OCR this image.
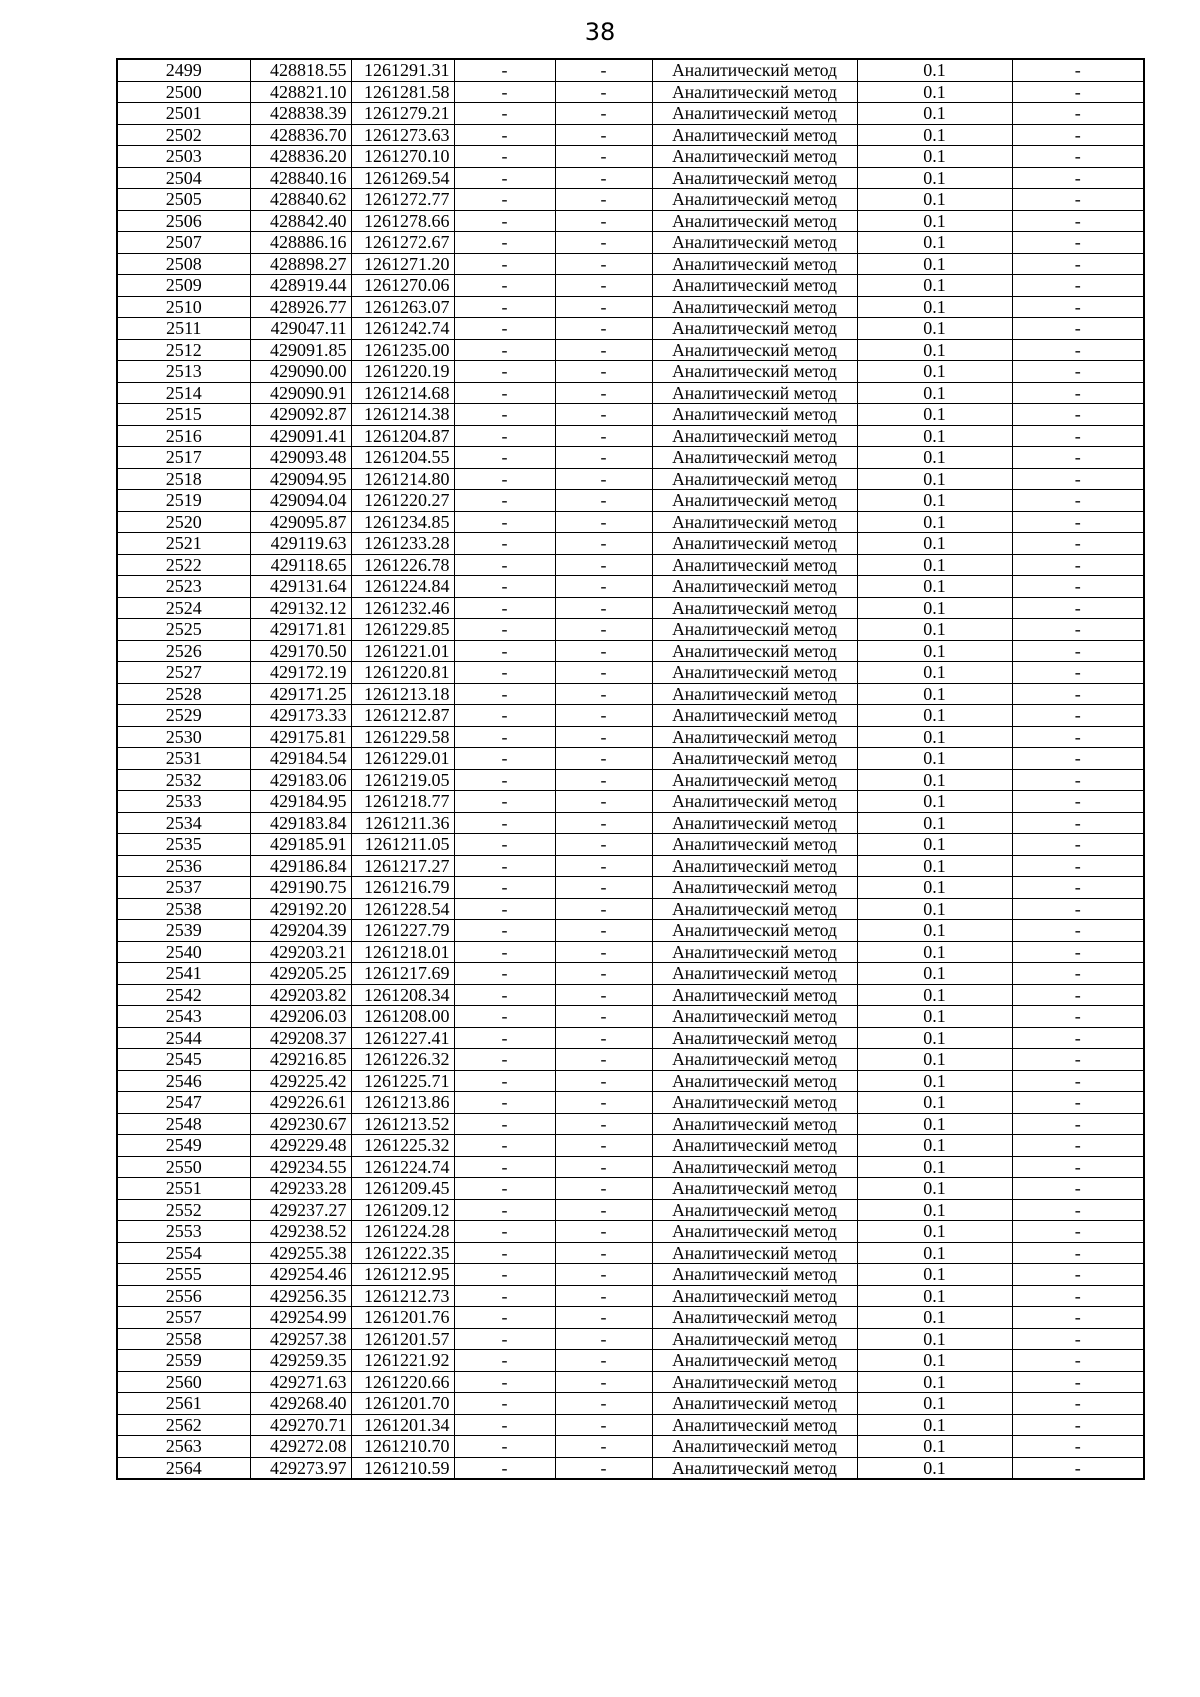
38
2499	428818.55	1261291.31	-	-	Аналитический метод	0.1	-
2500	428821.10	1261281.58	-	-	Аналитический метод	0.1	-
2501	428838.39	1261279.21	-	-	Аналитический метод	0.1	-
2502	428836.70	1261273.63	-	-	Аналитический метод	0.1	-
2503	428836.20	1261270.10	-	-	Аналитический метод	0.1	-
2504	428840.16	1261269.54	-	-	Аналитический метод	0.1	-
2505	428840.62	1261272.77	-	-	Аналитический метод	0.1	-
2506	428842.40	1261278.66	-	-	Аналитический метод	0.1	-
2507	428886.16	1261272.67	-	-	Аналитический метод	0.1	-
2508	428898.27	1261271.20	-	-	Аналитический метод	0.1	-
2509	428919.44	1261270.06	-	-	Аналитический метод	0.1	-
2510	428926.77	1261263.07	-	-	Аналитический метод	0.1	-
2511	429047.11	1261242.74	-	-	Аналитический метод	0.1	-
2512	429091.85	1261235.00	-	-	Аналитический метод	0.1	-
2513	429090.00	1261220.19	-	-	Аналитический метод	0.1	-
2514	429090.91	1261214.68	-	-	Аналитический метод	0.1	-
2515	429092.87	1261214.38	-	-	Аналитический метод	0.1	-
2516	429091.41	1261204.87	-	-	Аналитический метод	0.1	-
2517	429093.48	1261204.55	-	-	Аналитический метод	0.1	-
2518	429094.95	1261214.80	-	-	Аналитический метод	0.1	-
2519	429094.04	1261220.27	-	-	Аналитический метод	0.1	-
2520	429095.87	1261234.85	-	-	Аналитический метод	0.1	-
2521	429119.63	1261233.28	-	-	Аналитический метод	0.1	-
2522	429118.65	1261226.78	-	-	Аналитический метод	0.1	-
2523	429131.64	1261224.84	-	-	Аналитический метод	0.1	-
2524	429132.12	1261232.46	-	-	Аналитический метод	0.1	-
2525	429171.81	1261229.85	-	-	Аналитический метод	0.1	-
2526	429170.50	1261221.01	-	-	Аналитический метод	0.1	-
2527	429172.19	1261220.81	-	-	Аналитический метод	0.1	-
2528	429171.25	1261213.18	-	-	Аналитический метод	0.1	-
2529	429173.33	1261212.87	-	-	Аналитический метод	0.1	-
2530	429175.81	1261229.58	-	-	Аналитический метод	0.1	-
2531	429184.54	1261229.01	-	-	Аналитический метод	0.1	-
2532	429183.06	1261219.05	-	-	Аналитический метод	0.1	-
2533	429184.95	1261218.77	-	-	Аналитический метод	0.1	-
2534	429183.84	1261211.36	-	-	Аналитический метод	0.1	-
2535	429185.91	1261211.05	-	-	Аналитический метод	0.1	-
2536	429186.84	1261217.27	-	-	Аналитический метод	0.1	-
2537	429190.75	1261216.79	-	-	Аналитический метод	0.1	-
2538	429192.20	1261228.54	-	-	Аналитический метод	0.1	-
2539	429204.39	1261227.79	-	-	Аналитический метод	0.1	-
2540	429203.21	1261218.01	-	-	Аналитический метод	0.1	-
2541	429205.25	1261217.69	-	-	Аналитический метод	0.1	-
2542	429203.82	1261208.34	-	-	Аналитический метод	0.1	-
2543	429206.03	1261208.00	-	-	Аналитический метод	0.1	-
2544	429208.37	1261227.41	-	-	Аналитический метод	0.1	-
2545	429216.85	1261226.32	-	-	Аналитический метод	0.1	-
2546	429225.42	1261225.71	-	-	Аналитический метод	0.1	-
2547	429226.61	1261213.86	-	-	Аналитический метод	0.1	-
2548	429230.67	1261213.52	-	-	Аналитический метод	0.1	-
2549	429229.48	1261225.32	-	-	Аналитический метод	0.1	-
2550	429234.55	1261224.74	-	-	Аналитический метод	0.1	-
2551	429233.28	1261209.45	-	-	Аналитический метод	0.1	-
2552	429237.27	1261209.12	-	-	Аналитический метод	0.1	-
2553	429238.52	1261224.28	-	-	Аналитический метод	0.1	-
2554	429255.38	1261222.35	-	-	Аналитический метод	0.1	-
2555	429254.46	1261212.95	-	-	Аналитический метод	0.1	-
2556	429256.35	1261212.73	-	-	Аналитический метод	0.1	-
2557	429254.99	1261201.76	-	-	Аналитический метод	0.1	-
2558	429257.38	1261201.57	-	-	Аналитический метод	0.1	-
2559	429259.35	1261221.92	-	-	Аналитический метод	0.1	-
2560	429271.63	1261220.66	-	-	Аналитический метод	0.1	-
2561	429268.40	1261201.70	-	-	Аналитический метод	0.1	-
2562	429270.71	1261201.34	-	-	Аналитический метод	0.1	-
2563	429272.08	1261210.70	-	-	Аналитический метод	0.1	-
2564	429273.97	1261210.59	-	-	Аналитический метод	0.1	-
